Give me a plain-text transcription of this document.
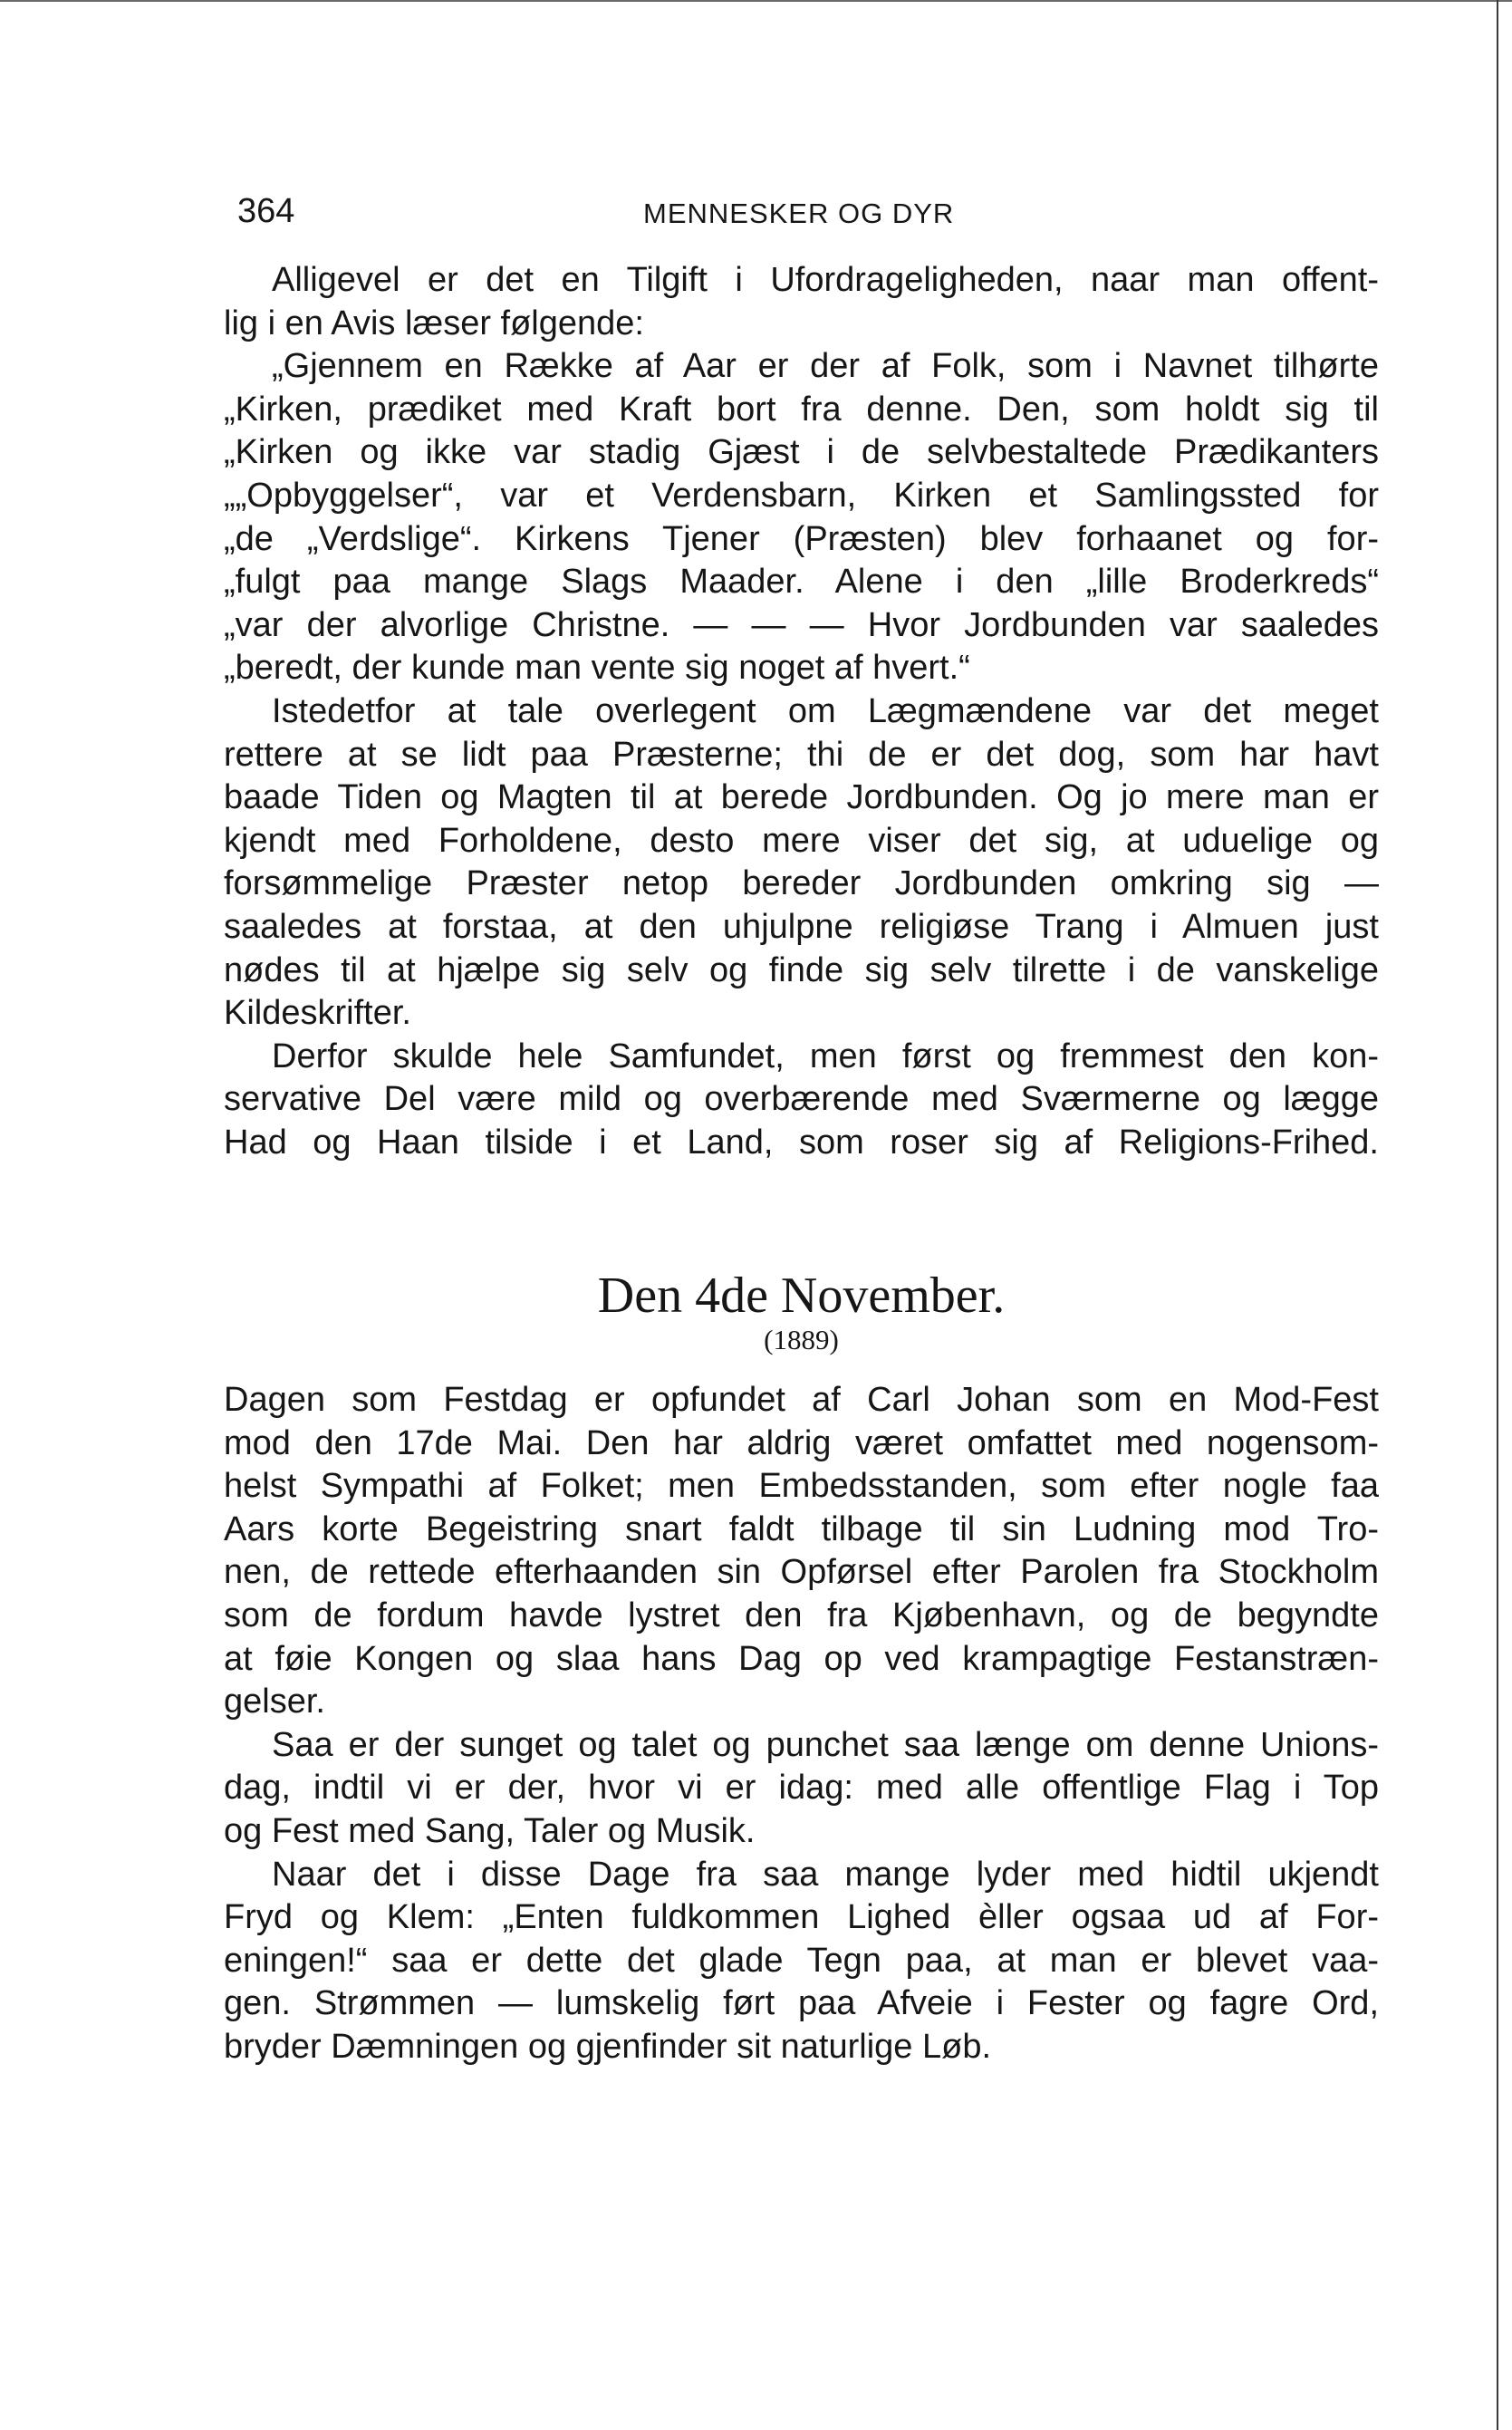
364	MENNESKER OG DYR
Alligevel er det en Tilgift i Ufordrageligheden, naar man offent-
lig i en Avis læser følgende:
„Gjennem en Række af Aar er der af Folk, som i Navnet tilhørte
„Kirken, prædiket med Kraft bort fra denne. Den, som holdt sig til
„Kirken og ikke var stadig Gjæst i de selvbestaltede Prædikanters
„„Opbyggelser“, var et Verdensbarn, Kirken et Samlingssted for
„de „Verdslige“. Kirkens Tjener (Præsten) blev forhaanet og for-
„fulgt paa mange Slags Maader. Alene i den „lille Broderkreds“
„var der alvorlige Christne. — — — Hvor Jordbunden var saaledes
„beredt, der kunde man vente sig noget af hvert.“
Istedetfor at tale overlegent om Lægmændene var det meget
rettere at se lidt paa Præsterne; thi de er det dog, som har havt
baade Tiden og Magten til at berede Jordbunden. Og jo mere man er
kjendt med Forholdene, desto mere viser det sig, at uduelige og
forsømmelige Præster netop bereder Jordbunden omkring sig —
saaledes at forstaa, at den uhjulpne religiøse Trang i Almuen just
nødes til at hjælpe sig selv og finde sig selv tilrette i de vanskelige
Kildeskrifter.
Derfor skulde hele Samfundet, men først og fremmest den kon-
servative Del være mild og overbærende med Sværmerne og lægge
Had og Haan tilside i et Land, som roser sig af Religions-Frihed.
Den 4de November.
(1889)
Dagen som Festdag er opfundet af Carl Johan som en Mod-Fest
mod den 17de Mai. Den har aldrig været omfattet med nogensom-
helst Sympathi af Folket; men Embedsstanden, som efter nogle faa
Aars korte Begeistring snart faldt tilbage til sin Ludning mod Tro-
nen, de rettede efterhaanden sin Opførsel efter Parolen fra Stockholm
som de fordum havde lystret den fra Kjøbenhavn, og de begyndte
at føie Kongen og slaa hans Dag op ved krampagtige Festanstræn-
gelser.
Saa er der sunget og talet og punchet saa længe om denne Unions-
dag, indtil vi er der, hvor vi er idag: med alle offentlige Flag i Top
og Fest med Sang, Taler og Musik.
Naar det i disse Dage fra saa mange lyder med hidtil ukjendt
Fryd og Klem: „Enten fuldkommen Lighed èller ogsaa ud af For-
eningen!“ saa er dette det glade Tegn paa, at man er blevet vaa-
gen. Strømmen — lumskelig ført paa Afveie i Fester og fagre Ord,
bryder Dæmningen og gjenfinder sit naturlige Løb.
